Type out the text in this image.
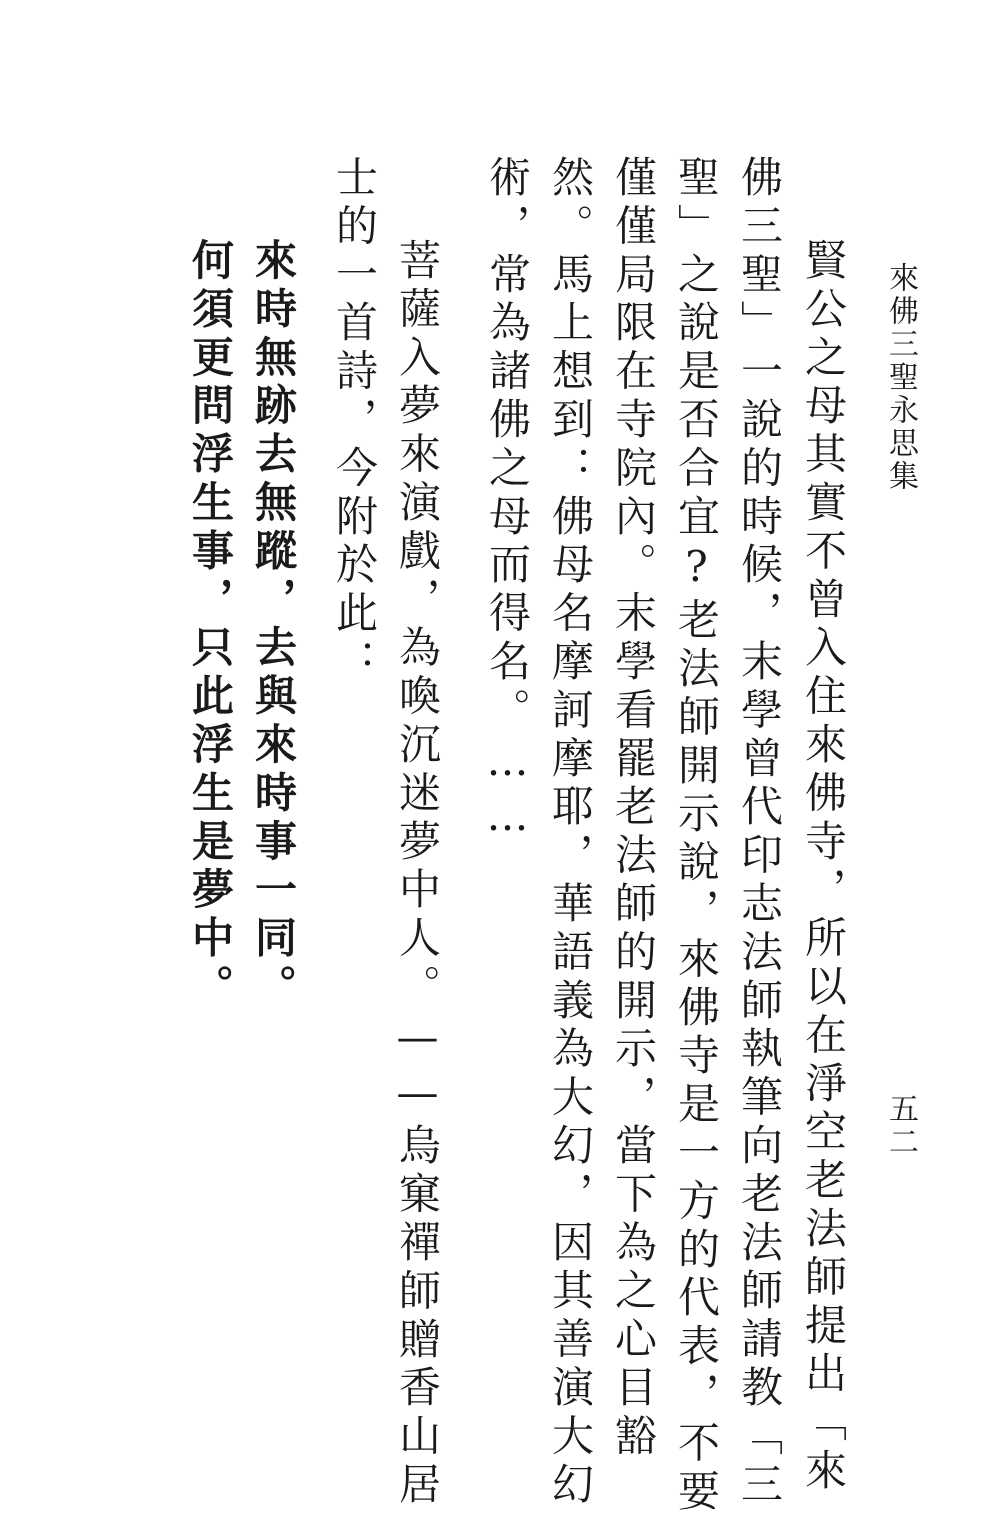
來佛三聖永思集
五二
賢公之母其實不曾入住來佛寺，所以在淨空老法師提出「來
佛三聖」一說的時候，末學曾代印志法師執筆向老法師請教「三
聖」之說是否合宜?老法師開示說，來佛寺是一方的代表，不要
僅僅局限在寺院內。末學看罷老法師的開示，當下為之心目豁
然。馬上想到：佛母名摩訶摩耶，華語義為大幻，因其善演大幻
術，常為諸佛之母而得名。……
菩薩入夢來演戲，為喚沉迷夢中人。——烏窠禪師贈香山居
士的一首詩，今附於此：
來時無跡去無蹤，去與來時事一同。
何須更問浮生事，只此浮生是夢中。
